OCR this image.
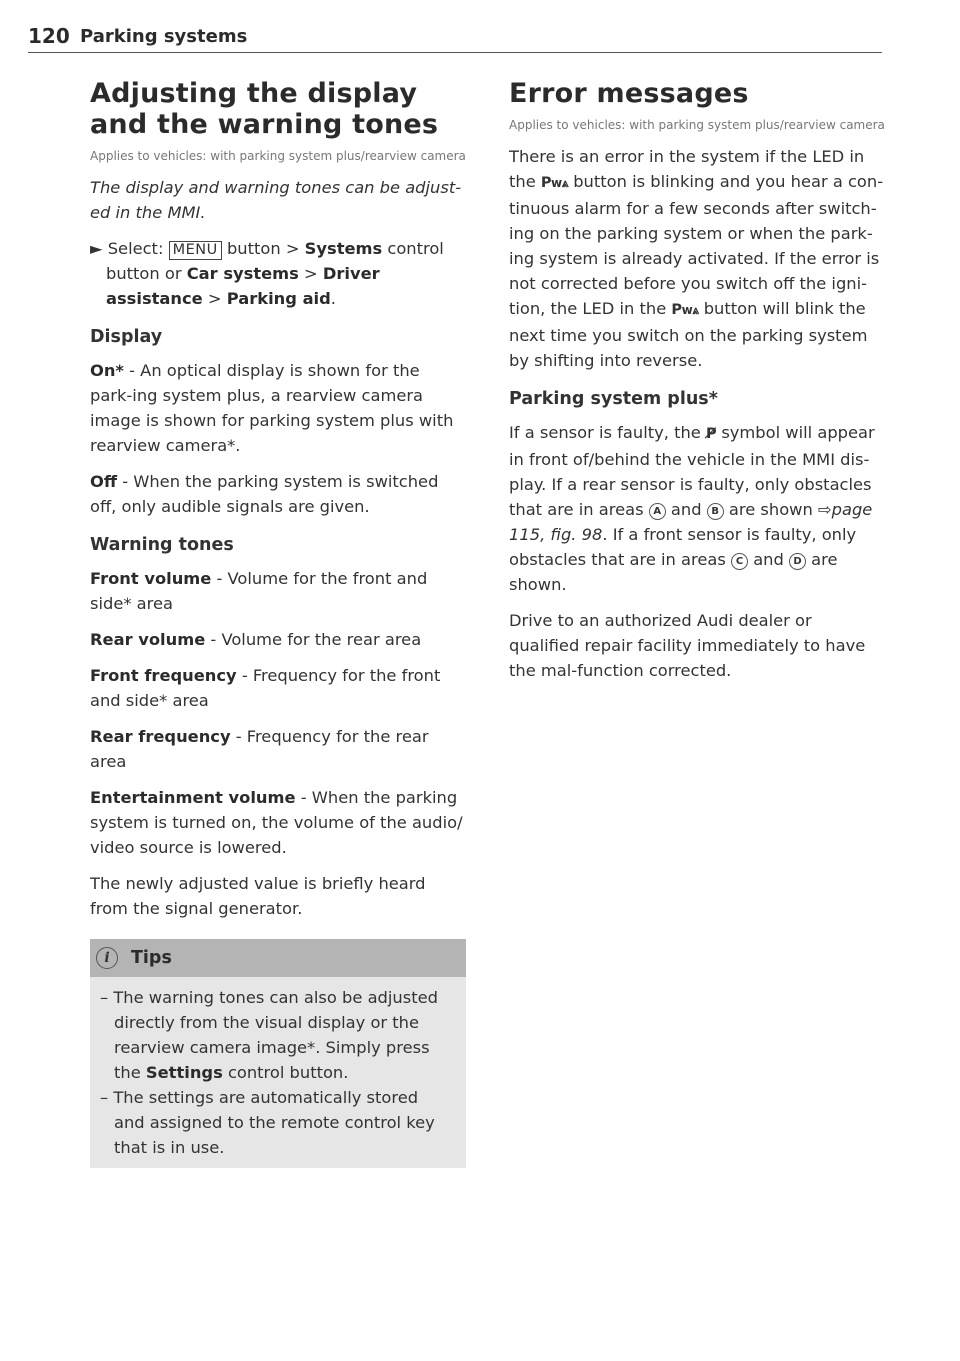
120 Parking systems
Adjusting the display and the warning tones
Applies to vehicles: with parking system plus/rearview camera

The display and warning tones can be adjust-ed in the MMI.

► Select: MENU button > Systems control button or Car systems > Driver assistance > Parking aid.

Display

On* - An optical display is shown for the park-ing system plus, a rearview camera image is shown for parking system plus with rearview camera*.

Off - When the parking system is switched off, only audible signals are given.

Warning tones

Front volume - Volume for the front and side* area

Rear volume - Volume for the rear area

Front frequency - Frequency for the front and side* area

Rear frequency - Frequency for the rear area

Entertainment volume - When the parking system is turned on, the volume of the audio/ video source is lowered.

The newly adjusted value is briefly heard from the signal generator.

i	Tips
– The warning tones can also be adjusted directly from the visual display or the rearview camera image*. Simply press the Settings control button.
– The settings are automatically stored and assigned to the remote control key that is in use.
Error messages
Applies to vehicles: with parking system plus/rearview camera

There is an error in the system if the LED in the Pᴡ⩓ button is blinking and you hear a con-tinuous alarm for a few seconds after switch-ing on the parking system or when the park-ing system is already activated. If the error is not corrected before you switch off the igni-tion, the LED in the Pᴡ⩓ button will blink the next time you switch on the parking system by shifting into reverse.

Parking system plus*

If a sensor is faulty, the P̸ symbol will appear in front of/behind the vehicle in the MMI dis-play. If a rear sensor is faulty, only obstacles that are in areas A and B are shown ⇨page 115, fig. 98. If a front sensor is faulty, only obstacles that are in areas C and D are shown.

Drive to an authorized Audi dealer or qualified repair facility immediately to have the mal-function corrected.
